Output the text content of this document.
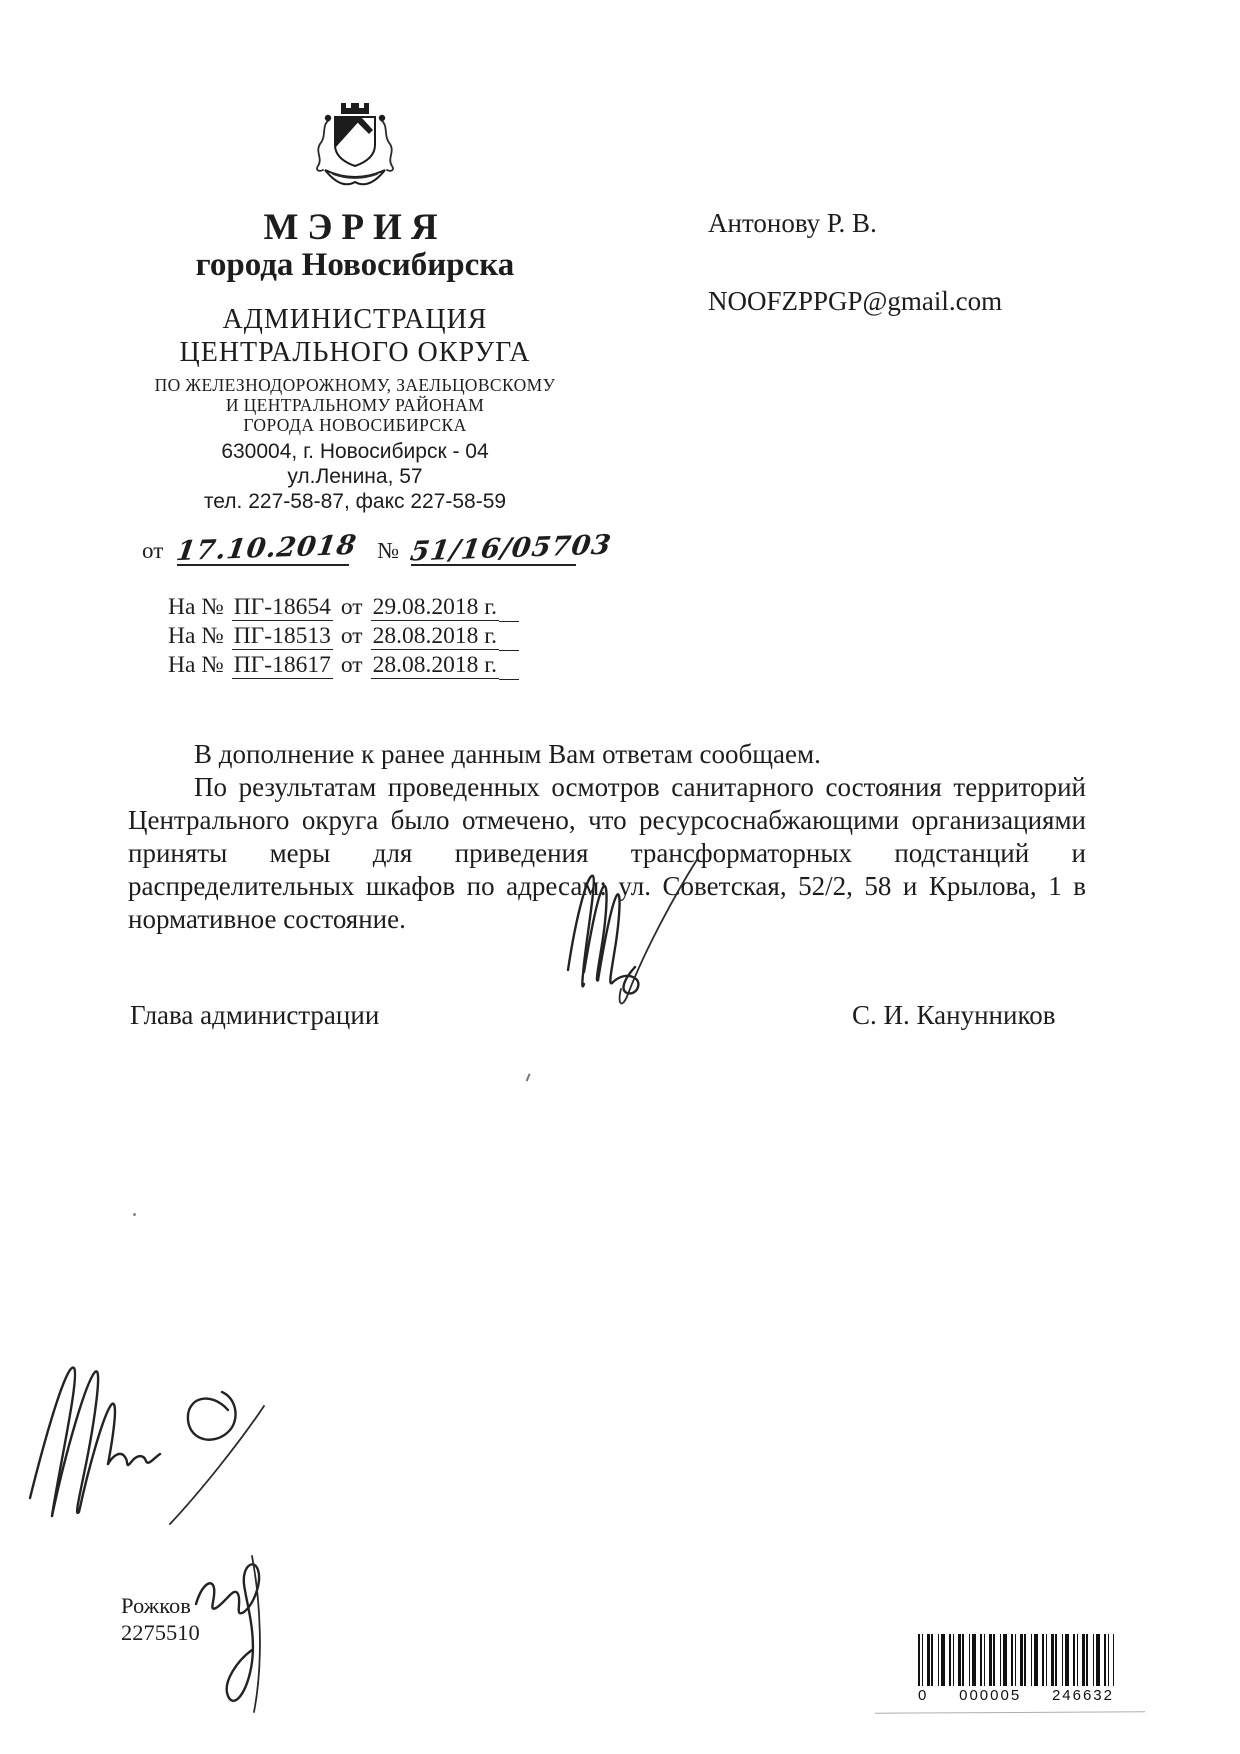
МЭРИЯ
города Новосибирска
АДМИНИСТРАЦИЯ
ЦЕНТРАЛЬНОГО ОКРУГА
ПО ЖЕЛЕЗНОДОРОЖНОМУ, ЗАЕЛЬЦОВСКОМУ
И ЦЕНТРАЛЬНОМУ РАЙОНАМ
ГОРОДА НОВОСИБИРСКА
630004, г. Новосибирск - 04
ул.Ленина, 57
тел. 227-58-87, факс 227-58-59
Антонову Р. В.
NOOFZPPGP@gmail.com
от 17.10.2018 № 51/16/05703
На № ПГ-18654 от 29.08.2018 г.
На № ПГ-18513 от 28.08.2018 г.
На № ПГ-18617 от 28.08.2018 г.

В дополнение к ранее данным Вам ответам сообщаем.

По результатам проведенных осмотров санитарного состояния территорий Центрального округа было отмечено, что ресурсоснабжающими организациями приняты меры для приведения трансформаторных подстанций и распределительных шкафов по адресам: ул. Советская, 52/2, 58 и Крылова, 1 в нормативное состояние.

Глава администрации	С. И. Канунников
Рожков
2275510
0 000005 246632
